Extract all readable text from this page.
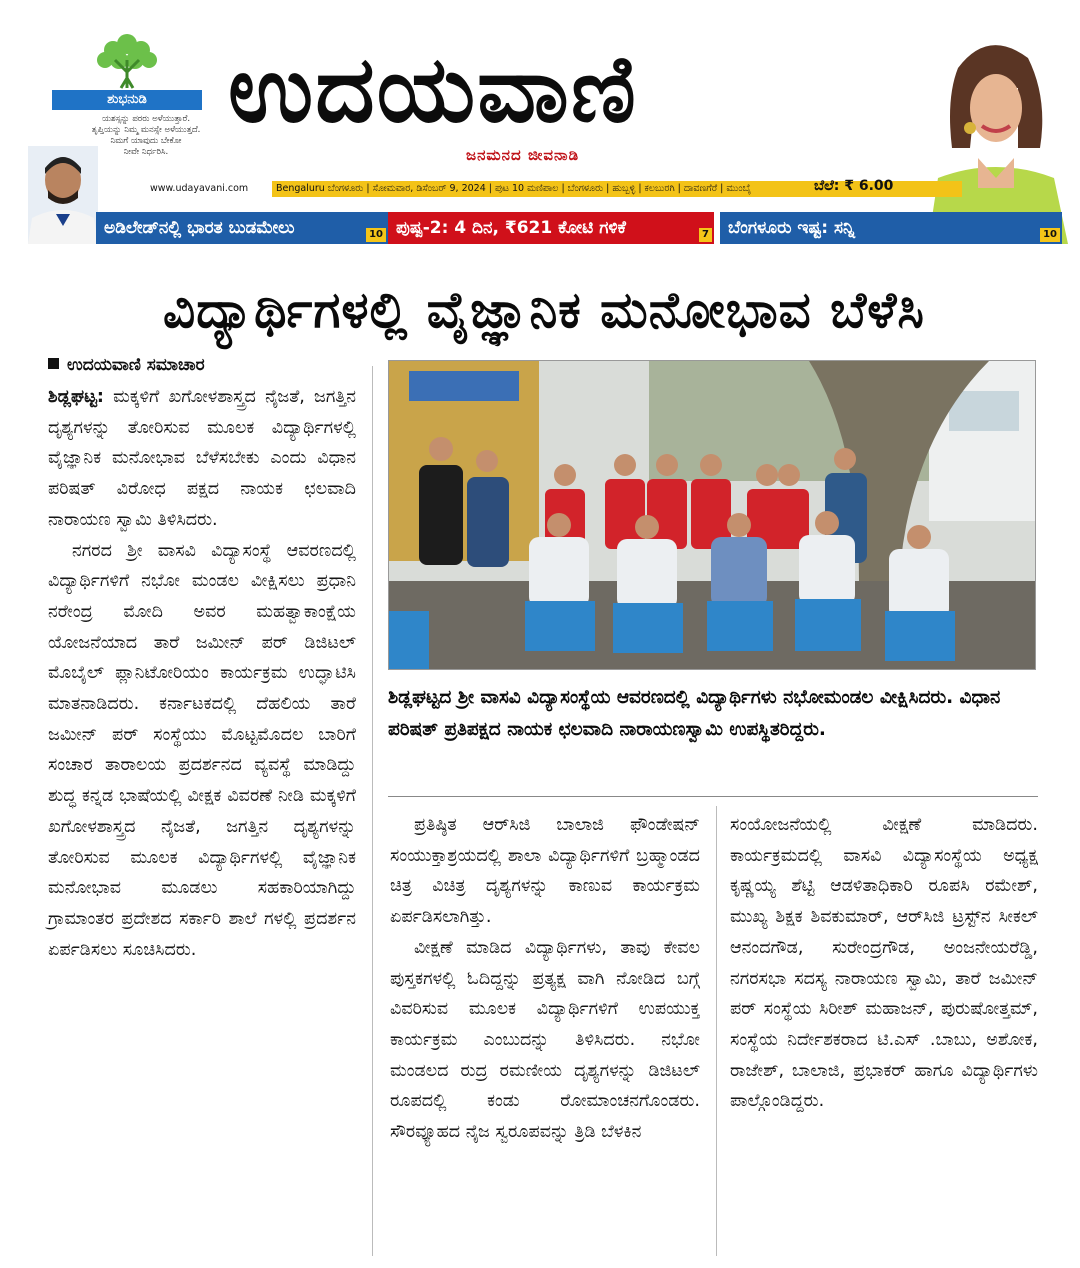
ಶುಭನುಡಿ
ಯಶಸ್ಸನ್ನು ಪರರು ಅಳೆಯುತ್ತಾರೆ.
ತೃಪ್ತಿಯನ್ನು ನಿಮ್ಮ ಮನಸ್ಸೇ ಅಳೆಯುತ್ತದೆ.
ನಿಮಗೆ ಯಾವುದು ಬೇಕೋ
ನೀವೇ ನಿರ್ಧರಿಸಿ.
ಉದಯವಾಣಿ
ಜನಮನದ ಜೀವನಾಡಿ
www.udayavani.com	Bengaluru ಬೆಂಗಳೂರು | ಸೋಮವಾರ, ಡಿಸೆಂಬರ್ 9, 2024 | ಪುಟ 10 ಮಣಿಪಾಲ | ಬೆಂಗಳೂರು | ಹುಬ್ಬಳ್ಳಿ | ಕಲಬುರಗಿ | ದಾವಣಗೆರೆ | ಮುಂಬೈ	ಬೆಲೆ: ₹ 6.00
ಅಡಿಲೇಡ್‌ನಲ್ಲಿ ಭಾರತ ಬುಡಮೇಲು	10 ಪುಷ್ಪ-2: 4 ದಿನ, ₹621 ಕೋಟಿ ಗಳಿಕೆ	7	ಬೆಂಗಳೂರು ಇಷ್ಟ: ಸನ್ನಿ	10
ವಿದ್ಯಾರ್ಥಿಗಳಲ್ಲಿ ವೈಜ್ಞಾನಿಕ ಮನೋಭಾವ ಬೆಳೆಸಿ
ಉದಯವಾಣಿ ಸಮಾಚಾರ

ಶಿಡ್ಲಘಟ್ಟ: ಮಕ್ಕಳಿಗೆ ಖಗೋಳಶಾಸ್ತ್ರದ ನೈಜತೆ, ಜಗತ್ತಿನ ದೃಶ್ಯಗಳನ್ನು ತೋರಿಸುವ ಮೂಲಕ ವಿದ್ಯಾರ್ಥಿಗಳಲ್ಲಿ ವೈಜ್ಞಾನಿಕ ಮನೋಭಾವ ಬೆಳೆಸಬೇಕು ಎಂದು ವಿಧಾನ ಪರಿಷತ್ ವಿರೋಧ ಪಕ್ಷದ ನಾಯಕ ಛಲವಾದಿ ನಾರಾಯಣ ಸ್ವಾಮಿ ತಿಳಿಸಿದರು.

ನಗರದ ಶ್ರೀ ವಾಸವಿ ವಿದ್ಯಾಸಂಸ್ಥೆ ಆವರಣದಲ್ಲಿ ವಿದ್ಯಾರ್ಥಿಗಳಿಗೆ ನಭೋ ಮಂಡಲ ವೀಕ್ಷಿಸಲು ಪ್ರಧಾನಿ ನರೇಂದ್ರ ಮೋದಿ ಅವರ ಮಹತ್ವಾಕಾಂಕ್ಷೆಯ ಯೋಜನೆಯಾದ ತಾರೆ ಜಮೀನ್ ಪರ್ ಡಿಜಿಟಲ್ ಮೊಬೈಲ್ ಪ್ಲಾನಿಟೋರಿಯಂ ಕಾರ್ಯಕ್ರಮ ಉದ್ಘಾಟಿಸಿ ಮಾತನಾಡಿದರು. ಕರ್ನಾಟಕದಲ್ಲಿ ದೆಹಲಿಯ ತಾರೆ ಜಮೀನ್ ಪರ್ ಸಂಸ್ಥೆಯು ಮೊಟ್ಟಮೊದಲ ಬಾರಿಗೆ ಸಂಚಾರ ತಾರಾಲಯ ಪ್ರದರ್ಶನದ ವ್ಯವಸ್ಥೆ ಮಾಡಿದ್ದು ಶುದ್ಧ ಕನ್ನಡ ಭಾಷೆಯಲ್ಲಿ ವೀಕ್ಷಕ ವಿವರಣೆ ನೀಡಿ ಮಕ್ಕಳಿಗೆ ಖಗೋಳಶಾಸ್ತ್ರದ ನೈಜತೆ, ಜಗತ್ತಿನ ದೃಶ್ಯಗಳನ್ನು ತೋರಿಸುವ ಮೂಲಕ ವಿದ್ಯಾರ್ಥಿಗಳಲ್ಲಿ ವೈಜ್ಞಾನಿಕ ಮನೋಭಾವ ಮೂಡಲು ಸಹಕಾರಿಯಾಗಿದ್ದು ಗ್ರಾಮಾಂತರ ಪ್ರದೇಶದ ಸರ್ಕಾರಿ ಶಾಲೆ ಗಳಲ್ಲಿ ಪ್ರದರ್ಶನ ಏರ್ಪಡಿಸಲು ಸೂಚಿಸಿದರು.

ಶಿಡ್ಲಘಟ್ಟದ ಶ್ರೀ ವಾಸವಿ ವಿದ್ಯಾಸಂಸ್ಥೆಯ ಆವರಣದಲ್ಲಿ ವಿದ್ಯಾರ್ಥಿಗಳು ನಭೋಮಂಡಲ ವೀಕ್ಷಿಸಿದರು. ವಿಧಾನ ಪರಿಷತ್ ಪ್ರತಿಪಕ್ಷದ ನಾಯಕ ಛಲವಾದಿ ನಾರಾಯಣಸ್ವಾಮಿ ಉಪಸ್ಥಿತರಿದ್ದರು.

ಪ್ರತಿಷ್ಠಿತ ಆರ್‌ಸಿಜಿ ಬಾಲಾಜಿ ಫೌಂಡೇಷನ್ ಸಂಯುಕ್ತಾಶ್ರಯದಲ್ಲಿ ಶಾಲಾ ವಿದ್ಯಾರ್ಥಿಗಳಿಗೆ ಬ್ರಹ್ಮಾಂಡದ ಚಿತ್ರ ವಿಚಿತ್ರ ದೃಶ್ಯಗಳನ್ನು ಕಾಣುವ ಕಾರ್ಯಕ್ರಮ ಏರ್ಪಡಿಸಲಾಗಿತ್ತು.

ವೀಕ್ಷಣೆ ಮಾಡಿದ ವಿದ್ಯಾರ್ಥಿಗಳು, ತಾವು ಕೇವಲ ಪುಸ್ತಕಗಳಲ್ಲಿ ಓದಿದ್ದನ್ನು ಪ್ರತ್ಯಕ್ಷ ವಾಗಿ ನೋಡಿದ ಬಗ್ಗೆ ವಿವರಿಸುವ ಮೂಲಕ ವಿದ್ಯಾರ್ಥಿಗಳಿಗೆ ಉಪಯುಕ್ತ ಕಾರ್ಯಕ್ರಮ ಎಂಬುದನ್ನು ತಿಳಿಸಿದರು. ನಭೋ ಮಂಡಲದ ರುದ್ರ ರಮಣೀಯ ದೃಶ್ಯಗಳನ್ನು ಡಿಜಿಟಲ್ ರೂಪದಲ್ಲಿ ಕಂಡು ರೋಮಾಂಚನಗೊಂಡರು. ಸೌರವ್ಯೂಹದ ನೈಜ ಸ್ವರೂಪವನ್ನು ತ್ರಿಡಿ ಬೆಳಕಿನ

ಸಂಯೋಜನೆಯಲ್ಲಿ ವೀಕ್ಷಣೆ ಮಾಡಿದರು. ಕಾರ್ಯಕ್ರಮದಲ್ಲಿ ವಾಸವಿ ವಿದ್ಯಾಸಂಸ್ಥೆಯ ಅಧ್ಯಕ್ಷ ಕೃಷ್ಣಯ್ಯ ಶೆಟ್ಟಿ ಆಡಳಿತಾಧಿಕಾರಿ ರೂಪಸಿ ರಮೇಶ್, ಮುಖ್ಯ ಶಿಕ್ಷಕ ಶಿವಕುಮಾರ್, ಆರ್‌ಸಿಜಿ ಟ್ರಸ್ಟ್‌ನ ಸೀಕಲ್ ಆನಂದಗೌಡ, ಸುರೇಂದ್ರಗೌಡ, ಅಂಜನೇಯರೆಡ್ಡಿ, ನಗರಸಭಾ ಸದಸ್ಯ ನಾರಾಯಣ ಸ್ವಾಮಿ, ತಾರೆ ಜಮೀನ್ ಪರ್ ಸಂಸ್ಥೆಯ ಸಿರೀಶ್ ಮಹಾಜನ್, ಪುರುಷೋತ್ತಮ್, ಸಂಸ್ಥೆಯ ನಿರ್ದೇಶಕರಾದ ಟಿ.ಎಸ್ .ಬಾಬು, ಅಶೋಕ, ರಾಜೇಶ್, ಬಾಲಾಜಿ, ಪ್ರಭಾಕರ್ ಹಾಗೂ ವಿದ್ಯಾರ್ಥಿಗಳು ಪಾಲ್ಗೊಂಡಿದ್ದರು.
